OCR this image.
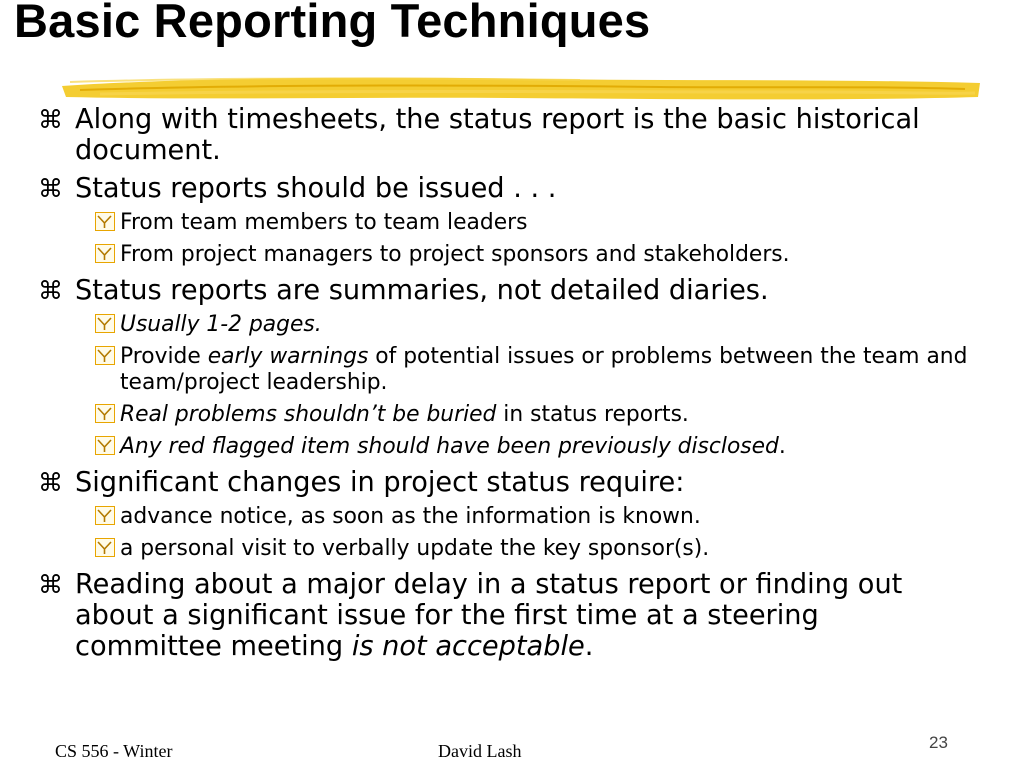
Basic Reporting Techniques
⌘ Along with timesheets, the status report is the basic historical document.
⌘ Status reports should be issued . . .
From team members to team leaders
From project managers to project sponsors and stakeholders.
⌘ Status reports are summaries, not detailed diaries.
Usually 1-2 pages.
Provide early warnings of potential issues or problems between the team and team/project leadership.
Real problems shouldn’t be buried in status reports.
Any red flagged item should have been previously disclosed.
⌘ Significant changes in project status require:
advance notice, as soon as the information is known.
a personal visit to verbally update the key sponsor(s).
⌘ Reading about a major delay in a status report or finding out about a significant issue for the first time at a steering committee meeting is not acceptable.
CS 556 - Winter	David Lash	23
